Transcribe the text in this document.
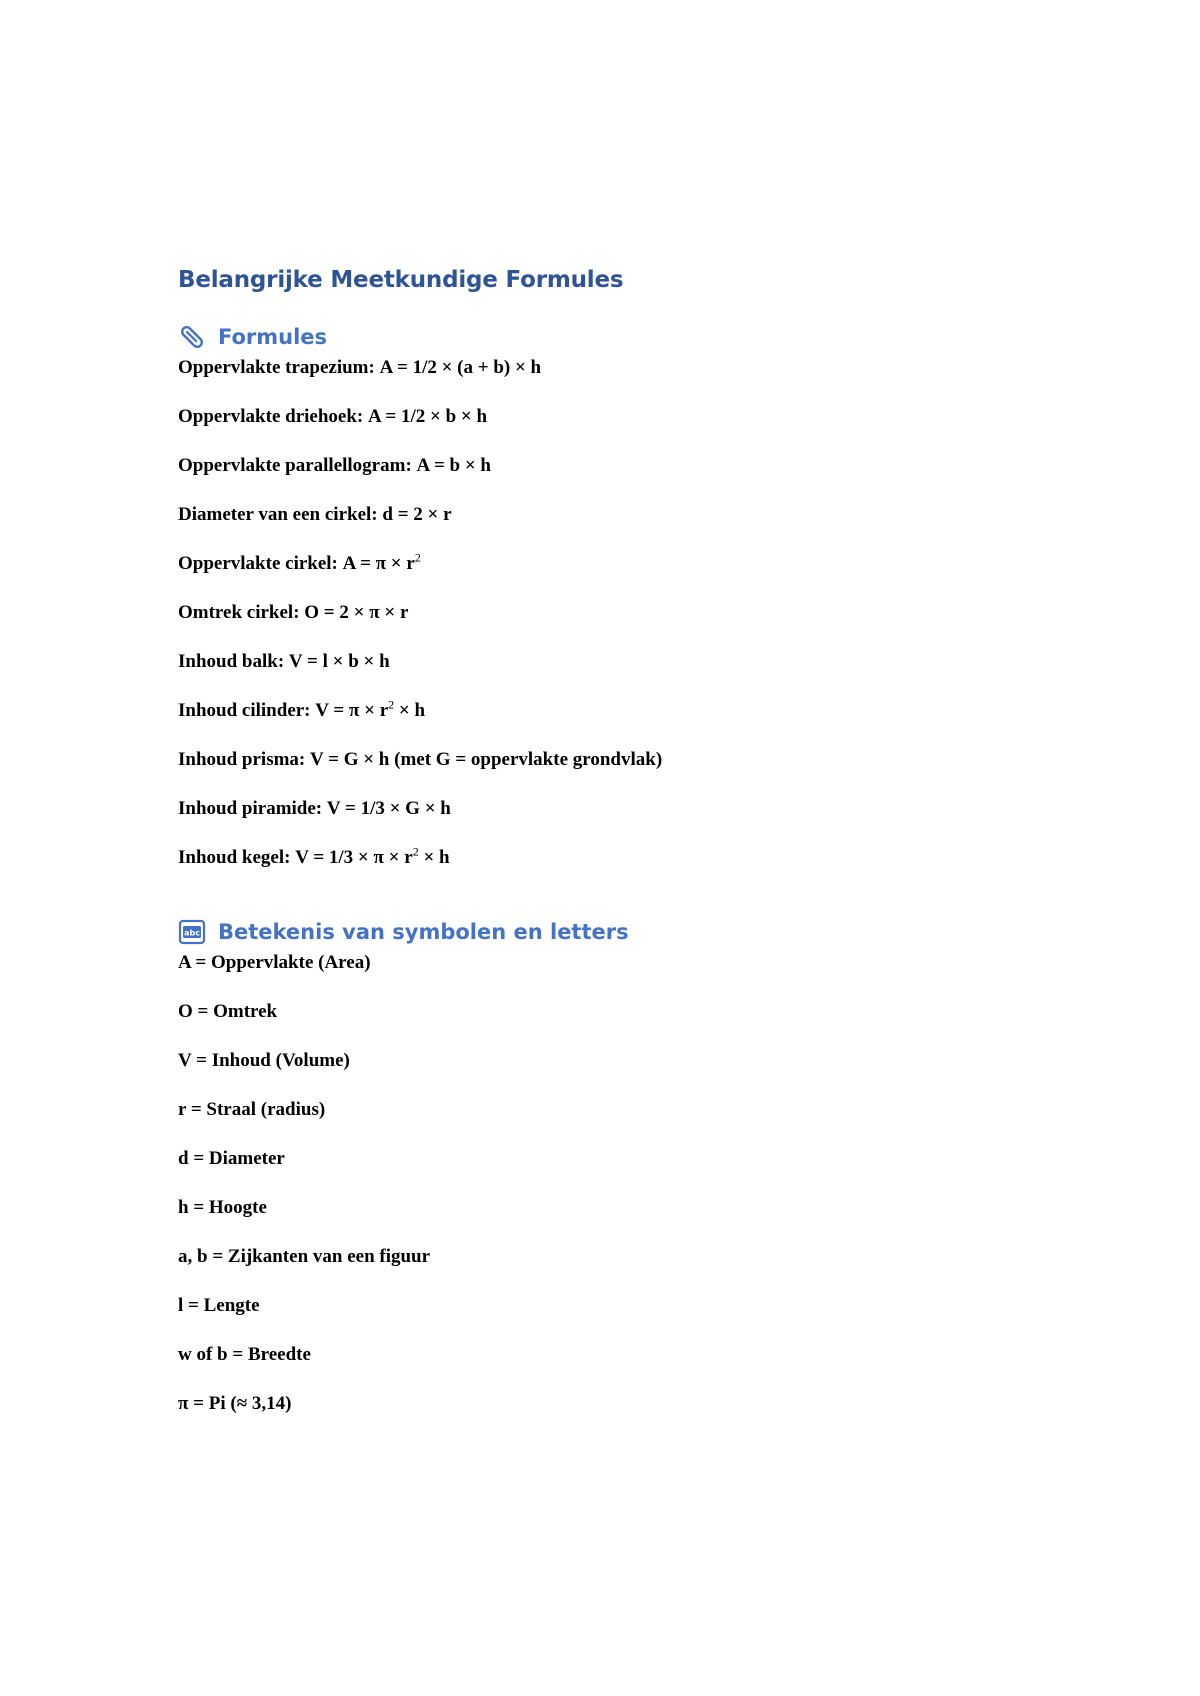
Belangrijke Meetkundige Formules
Formules
Oppervlakte trapezium: A = 1/2 × (a + b) × h
Oppervlakte driehoek: A = 1/2 × b × h
Oppervlakte parallellogram: A = b × h
Diameter van een cirkel: d = 2 × r
Oppervlakte cirkel: $A = \pi \times r^2$
Omtrek cirkel: O = 2 × π × r
Inhoud balk: V = l × b × h
Inhoud cilinder: $V = \pi \times r^2 \times h$
Inhoud prisma: V = G × h (met G = oppervlakte grondvlak)
Inhoud piramide: V = 1/3 × G × h
Inhoud kegel: $V = 1/3 \times \pi \times r^2 \times h$
abc Betekenis van symbolen en letters
A = Oppervlakte (Area)
O = Omtrek
V = Inhoud (Volume)
r = Straal (radius)
d = Diameter
h = Hoogte
a, b = Zijkanten van een figuur
l = Lengte
w of b = Breedte
π = Pi (≈ 3,14)
